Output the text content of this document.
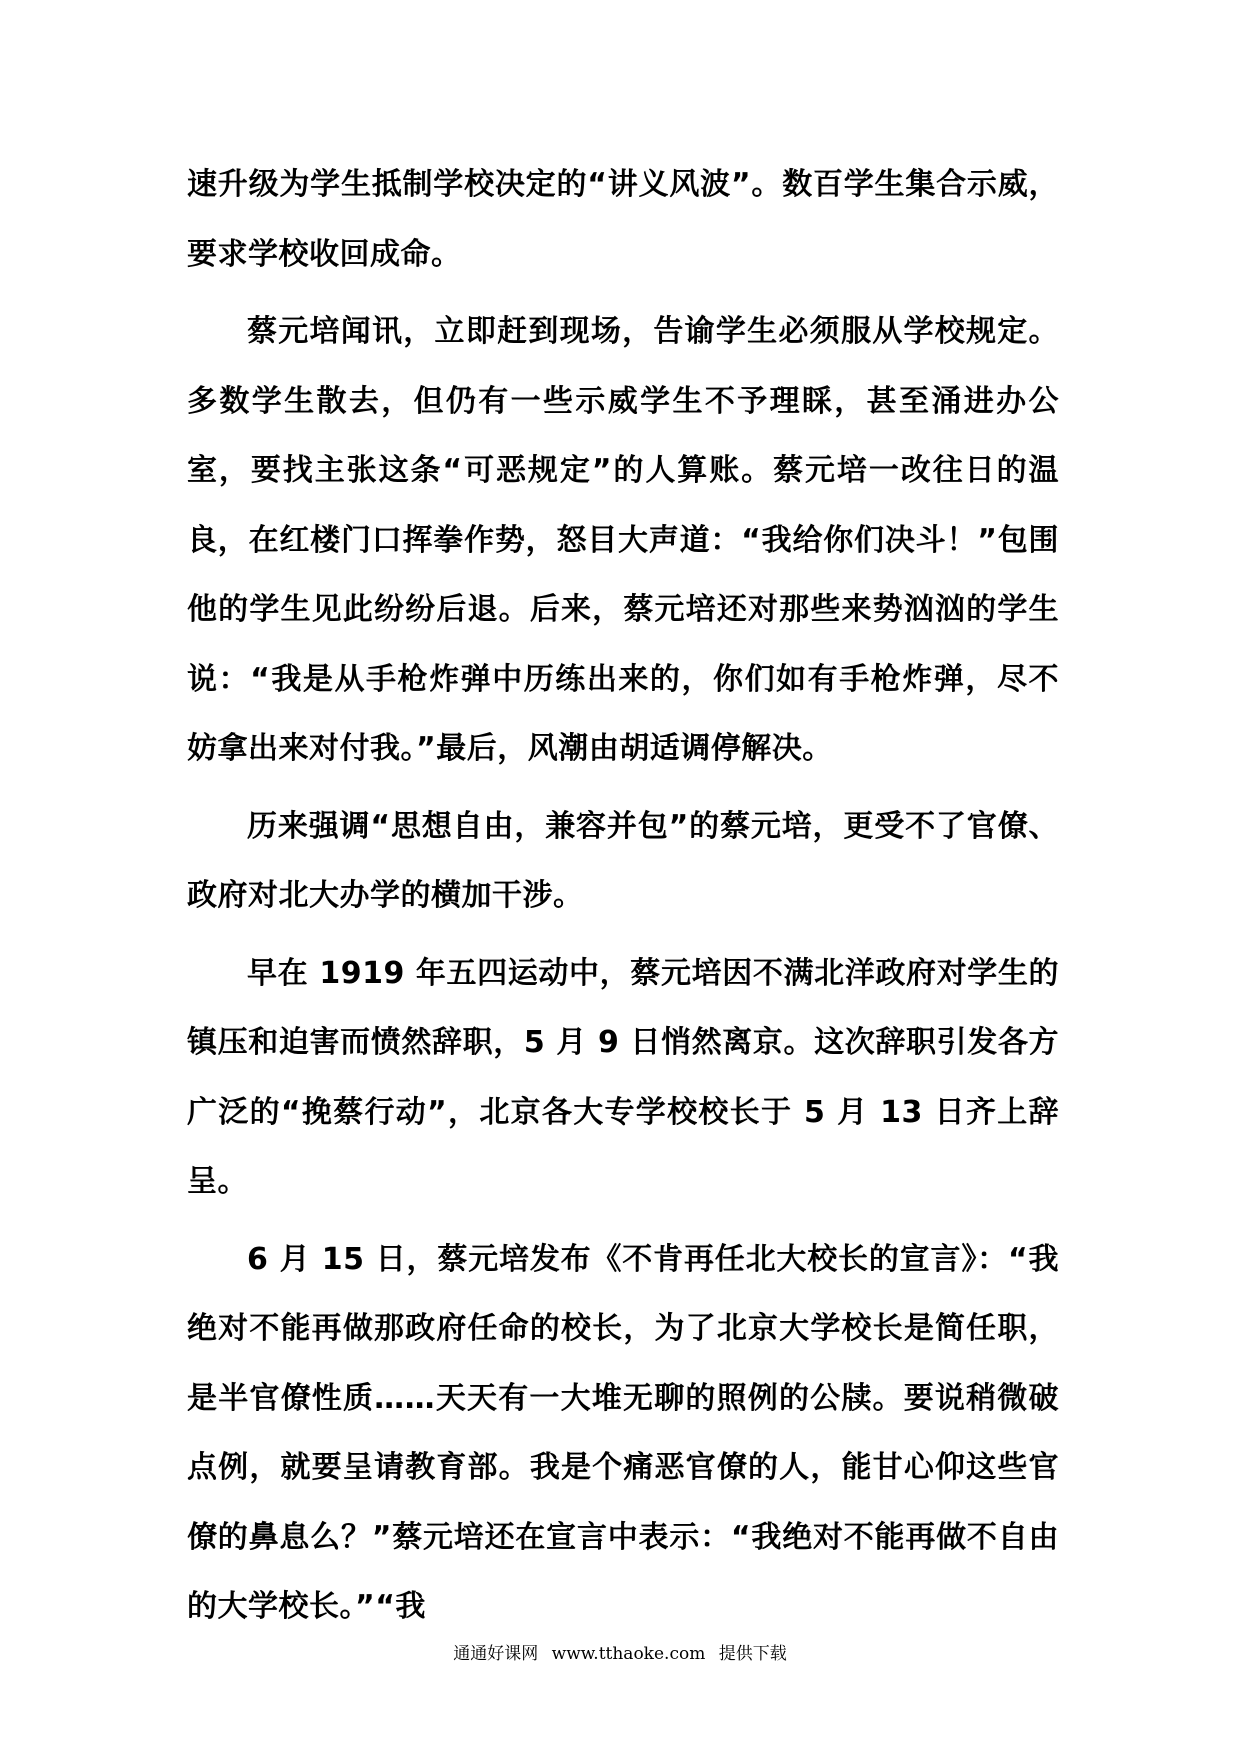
速升级为学生抵制学校决定的“讲义风波”。数百学生集合示威，要求学校收回成命。

蔡元培闻讯，立即赶到现场，告谕学生必须服从学校规定。多数学生散去，但仍有一些示威学生不予理睬，甚至涌进办公室，要找主张这条“可恶规定”的人算账。蔡元培一改往日的温良，在红楼门口挥拳作势，怒目大声道：“我给你们决斗！”包围他的学生见此纷纷后退。后来，蔡元培还对那些来势汹汹的学生说：“我是从手枪炸弹中历练出来的，你们如有手枪炸弹，尽不妨拿出来对付我。”最后，风潮由胡适调停解决。

历来强调“思想自由，兼容并包”的蔡元培，更受不了官僚、政府对北大办学的横加干涉。

早在 1919 年五四运动中，蔡元培因不满北洋政府对学生的镇压和迫害而愤然辞职，5 月 9 日悄然离京。这次辞职引发各方广泛的“挽蔡行动”，北京各大专学校校长于 5 月 13 日齐上辞呈。

6 月 15 日，蔡元培发布《不肯再任北大校长的宣言》：“我绝对不能再做那政府任命的校长，为了北京大学校长是简任职，是半官僚性质……天天有一大堆无聊的照例的公牍。要说稍微破点例，就要呈请教育部。我是个痛恶官僚的人，能甘心仰这些官僚的鼻息么？”蔡元培还在宣言中表示：“我绝对不能再做不自由的大学校长。”“我

通通好课网 www.tthaoke.com 提供下载
